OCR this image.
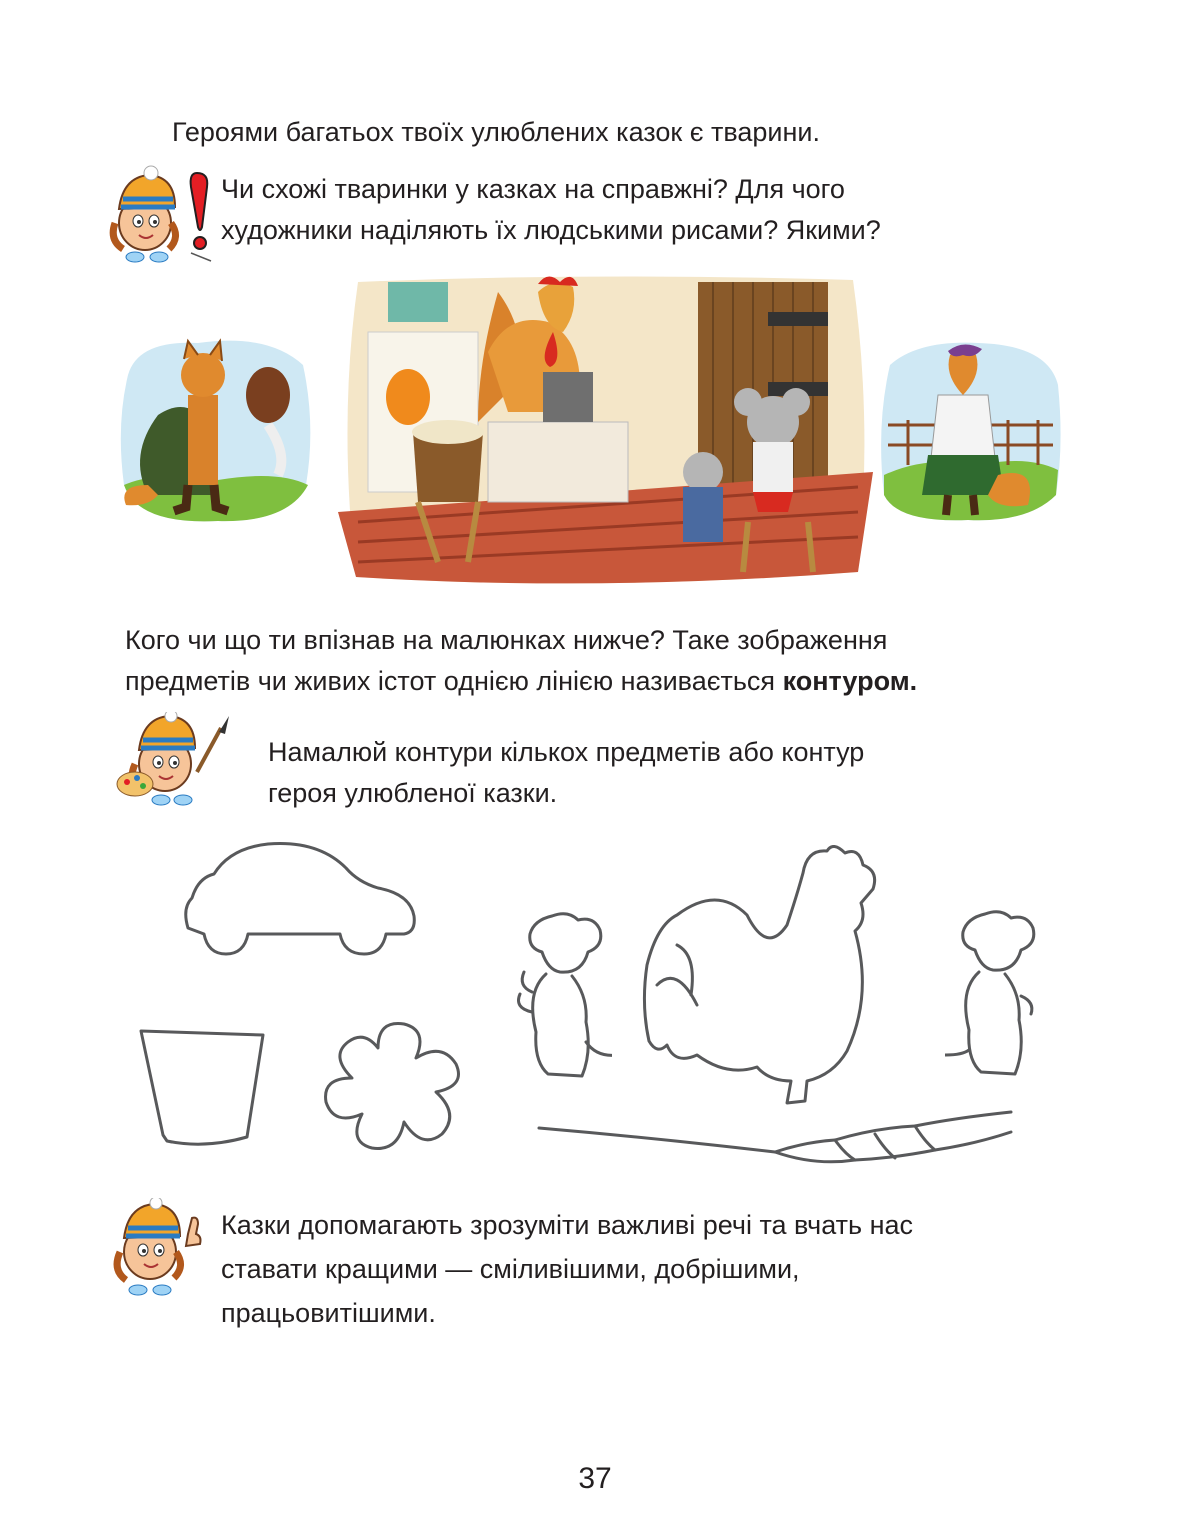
Героями багатьох твоїх улюблених казок є тварини.

Чи схожі тваринки у казках на справжні? Для чого
художники наділяють їх людськими рисами? Якими?

Кого чи що ти впізнав на малюнках нижче? Таке зображення
предметів чи живих істот однією лінією називається контуром.

Намалюй контури кількох предметів або контур
героя улюбленої казки.

Казки допомагають зрозуміти важливі речі та вчать нас
ставати кращими — сміливішими, добрішими,
працьовитішими.

37
